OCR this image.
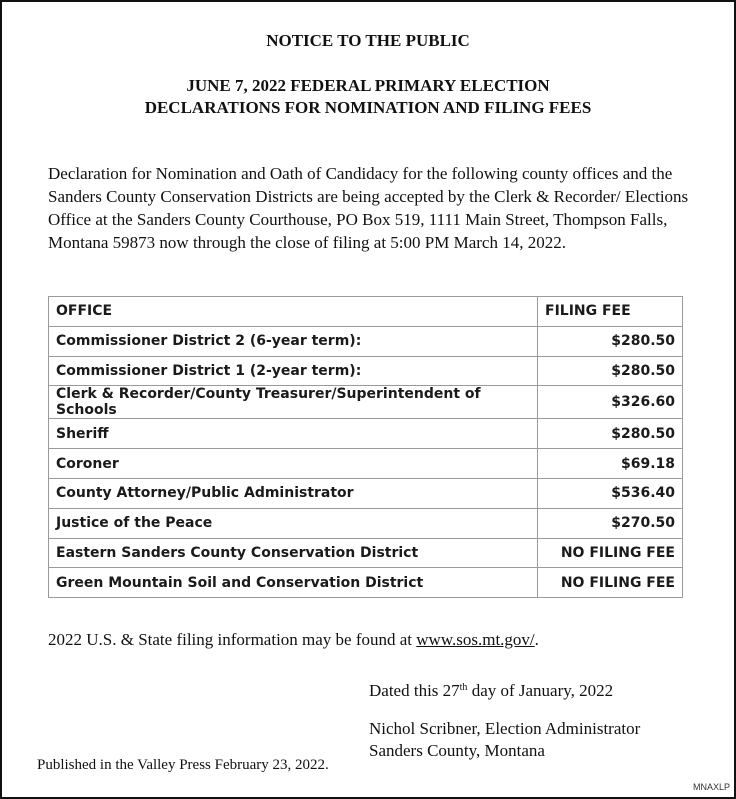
NOTICE TO THE PUBLIC
JUNE 7, 2022 FEDERAL PRIMARY ELECTION
DECLARATIONS FOR NOMINATION AND FILING FEES
Declaration for Nomination and Oath of Candidacy for the following county offices and the Sanders County Conservation Districts are being accepted by the Clerk & Recorder/ Elections Office at the Sanders County Courthouse, PO Box 519, 1111 Main Street, Thompson Falls, Montana 59873 now through the close of filing at 5:00 PM March 14, 2022.
OFFICE	FILING FEE
Commissioner District 2 (6-year term):	$280.50
Commissioner District 1 (2-year term):	$280.50
Clerk & Recorder/County Treasurer/Superintendent of Schools	$326.60
Sheriff	$280.50
Coroner	$69.18
County Attorney/Public Administrator	$536.40
Justice of the Peace	$270.50
Eastern Sanders County Conservation District	NO FILING FEE
Green Mountain Soil and Conservation District	NO FILING FEE
2022 U.S. & State filing information may be found at www.sos.mt.gov/.
Dated this 27th day of January, 2022
Nichol Scribner, Election Administrator
Sanders County, Montana
Published in the Valley Press February 23, 2022.
MNAXLP
